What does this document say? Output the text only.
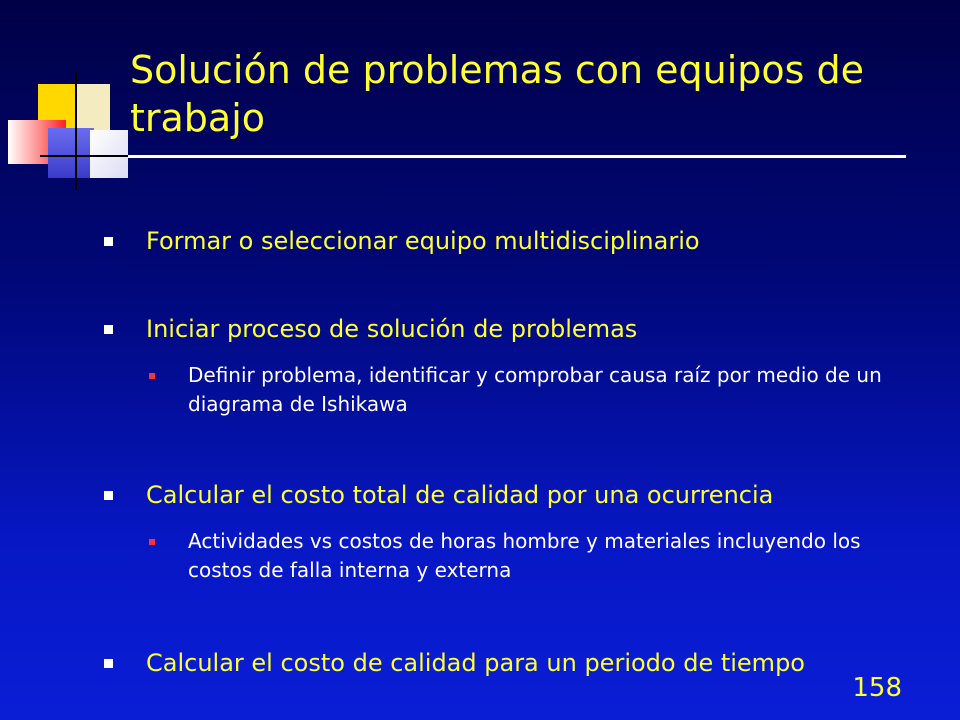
Solución de problemas con equipos de trabajo
Formar o seleccionar equipo multidisciplinario
Iniciar proceso de solución de problemas
Definir problema, identificar y comprobar causa raíz por medio de un diagrama de Ishikawa
Calcular el costo total de calidad por una ocurrencia
Actividades vs costos de horas hombre y materiales incluyendo los costos de falla interna y externa
Calcular el costo de calidad para un periodo de tiempo
158
